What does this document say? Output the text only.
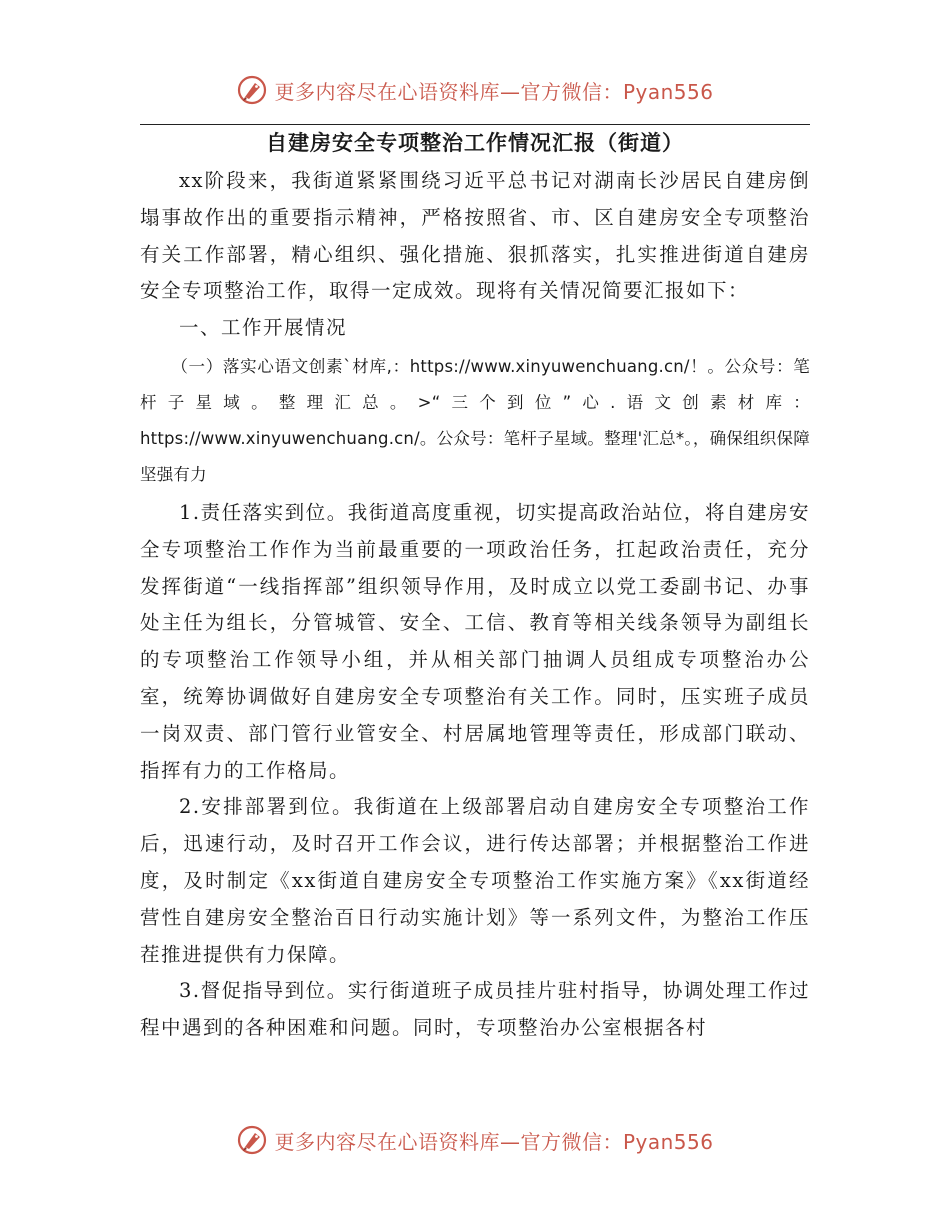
更多内容尽在心语资料库—官方微信：Pyan556
自建房安全专项整治工作情况汇报（街道）

xx阶段来，我街道紧紧围绕习近平总书记对湖南长沙居民自建房倒塌事故作出的重要指示精神，严格按照省、市、区自建房安全专项整治有关工作部署，精心组织、强化措施、狠抓落实，扎实推进街道自建房安全专项整治工作，取得一定成效。现将有关情况简要汇报如下：

一、工作开展情况

（一）落实心语文创素`材库,：https://www.xinyuwenchuang.cn/！。公众号：笔杆子星域。整理汇总。>“三个到位”心.语文创素材库：https://www.xinyuwenchuang.cn/。公众号：笔杆子星域。整理'汇总*。，确保组织保障坚强有力

1.责任落实到位。我街道高度重视，切实提高政治站位，将自建房安全专项整治工作作为当前最重要的一项政治任务，扛起政治责任，充分发挥街道“一线指挥部”组织领导作用，及时成立以党工委副书记、办事处主任为组长，分管城管、安全、工信、教育等相关线条领导为副组长的专项整治工作领导小组，并从相关部门抽调人员组成专项整治办公室，统筹协调做好自建房安全专项整治有关工作。同时，压实班子成员一岗双责、部门管行业管安全、村居属地管理等责任，形成部门联动、指挥有力的工作格局。

2.安排部署到位。我街道在上级部署启动自建房安全专项整治工作后，迅速行动，及时召开工作会议，进行传达部署；并根据整治工作进度，及时制定《xx街道自建房安全专项整治工作实施方案》《xx街道经营性自建房安全整治百日行动实施计划》等一系列文件，为整治工作压茬推进提供有力保障。

3.督促指导到位。实行街道班子成员挂片驻村指导，协调处理工作过程中遇到的各种困难和问题。同时，专项整治办公室根据各村

更多内容尽在心语资料库—官方微信：Pyan556
